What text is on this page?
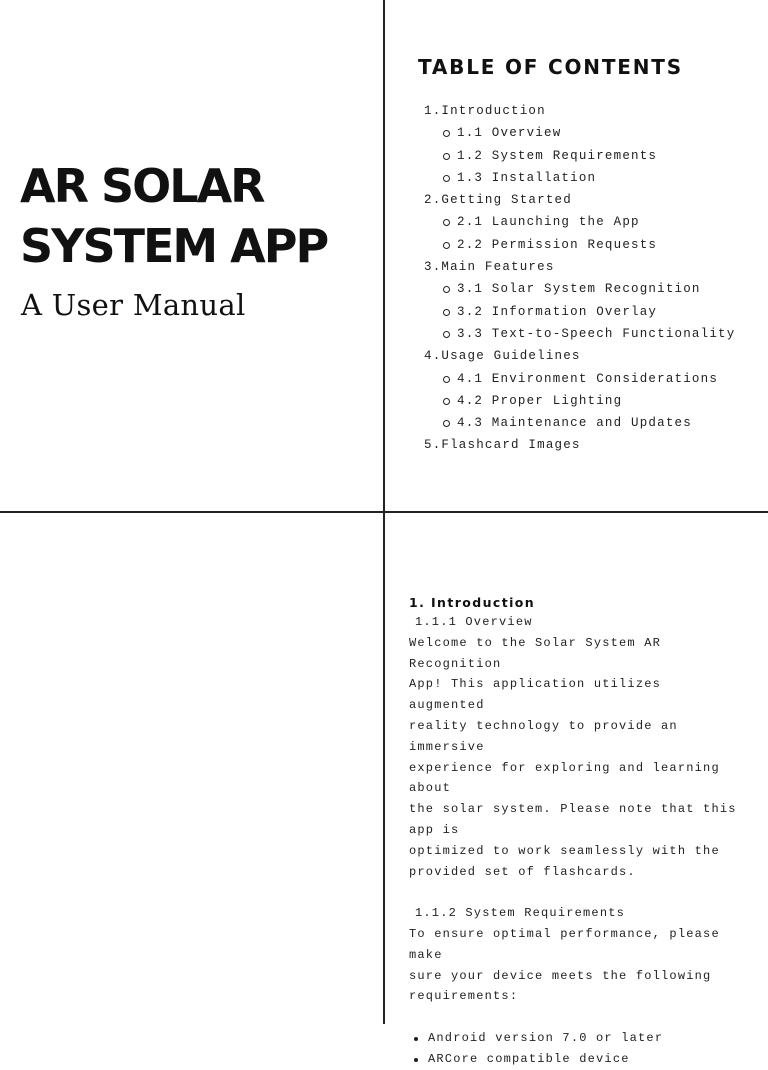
AR SOLAR
SYSTEM APP

A User Manual

TABLE OF CONTENTS
1.Introduction
1.1 Overview
1.2 System Requirements
1.3 Installation
2.Getting Started
2.1 Launching the App
2.2 Permission Requests
3.Main Features
3.1 Solar System Recognition
3.2 Information Overlay
3.3 Text-to-Speech Functionality
4.Usage Guidelines
4.1 Environment Considerations
4.2 Proper Lighting
4.3 Maintenance and Updates
5.Flashcard Images
1. Introduction

1.1.1 Overview

Welcome to the Solar System AR Recognition

App! This application utilizes augmented

reality technology to provide an immersive

experience for exploring and learning about

the solar system. Please note that this app is

optimized to work seamlessly with the

provided set of flashcards.

1.1.2 System Requirements

To ensure optimal performance, please make

sure your device meets the following

requirements:

Android version 7.0 or later
ARCore compatible device
